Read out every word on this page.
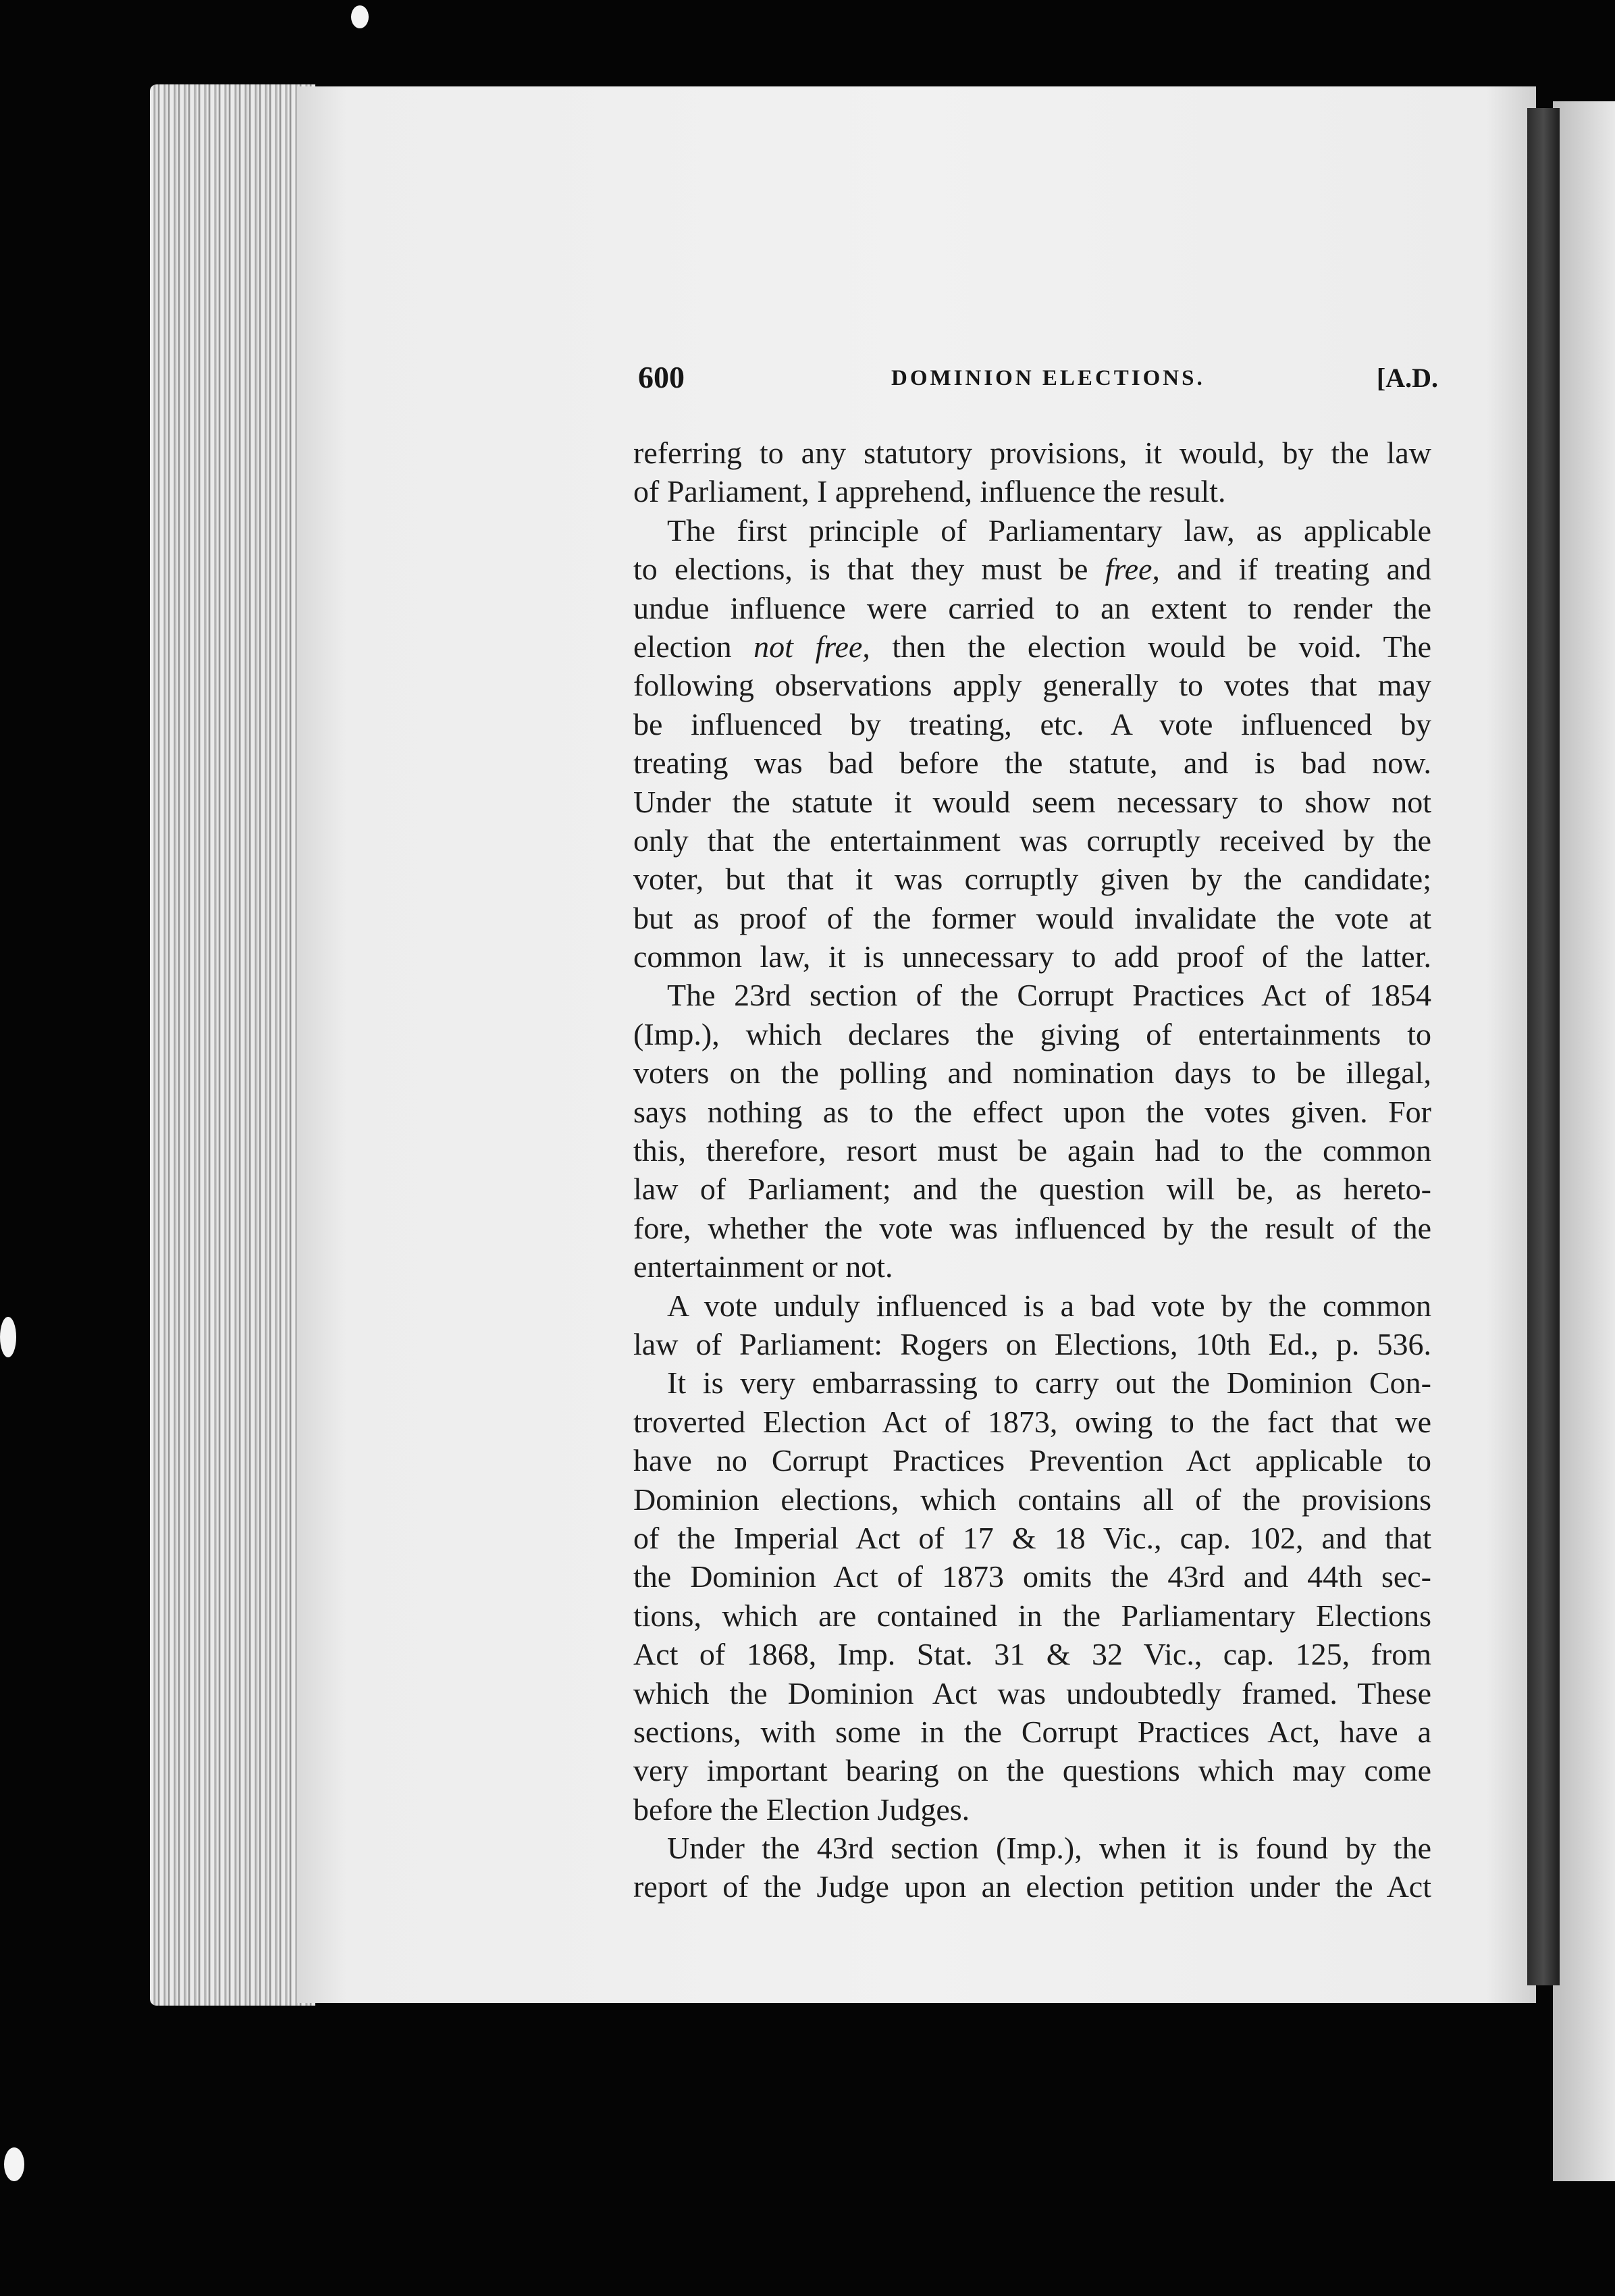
600	DOMINION ELECTIONS.	[A.D.
referring to any statutory provisions, it would, by the law
of Parliament, I apprehend, influence the result.
The first principle of Parliamentary law, as applicable
to elections, is that they must be free, and if treating and
undue influence were carried to an extent to render the
election not free, then the election would be void. The
following observations apply generally to votes that may
be influenced by treating, etc. A vote influenced by
treating was bad before the statute, and is bad now.
Under the statute it would seem necessary to show not
only that the entertainment was corruptly received by the
voter, but that it was corruptly given by the candidate;
but as proof of the former would invalidate the vote at
common law, it is unnecessary to add proof of the latter.
The 23rd section of the Corrupt Practices Act of 1854
(Imp.), which declares the giving of entertainments to
voters on the polling and nomination days to be illegal,
says nothing as to the effect upon the votes given. For
this, therefore, resort must be again had to the common
law of Parliament; and the question will be, as hereto-
fore, whether the vote was influenced by the result of the
entertainment or not.
A vote unduly influenced is a bad vote by the common
law of Parliament: Rogers on Elections, 10th Ed., p. 536.
It is very embarrassing to carry out the Dominion Con-
troverted Election Act of 1873, owing to the fact that we
have no Corrupt Practices Prevention Act applicable to
Dominion elections, which contains all of the provisions
of the Imperial Act of 17 & 18 Vic., cap. 102, and that
the Dominion Act of 1873 omits the 43rd and 44th sec-
tions, which are contained in the Parliamentary Elections
Act of 1868, Imp. Stat. 31 & 32 Vic., cap. 125, from
which the Dominion Act was undoubtedly framed. These
sections, with some in the Corrupt Practices Act, have a
very important bearing on the questions which may come
before the Election Judges.
Under the 43rd section (Imp.), when it is found by the
report of the Judge upon an election petition under the Act
